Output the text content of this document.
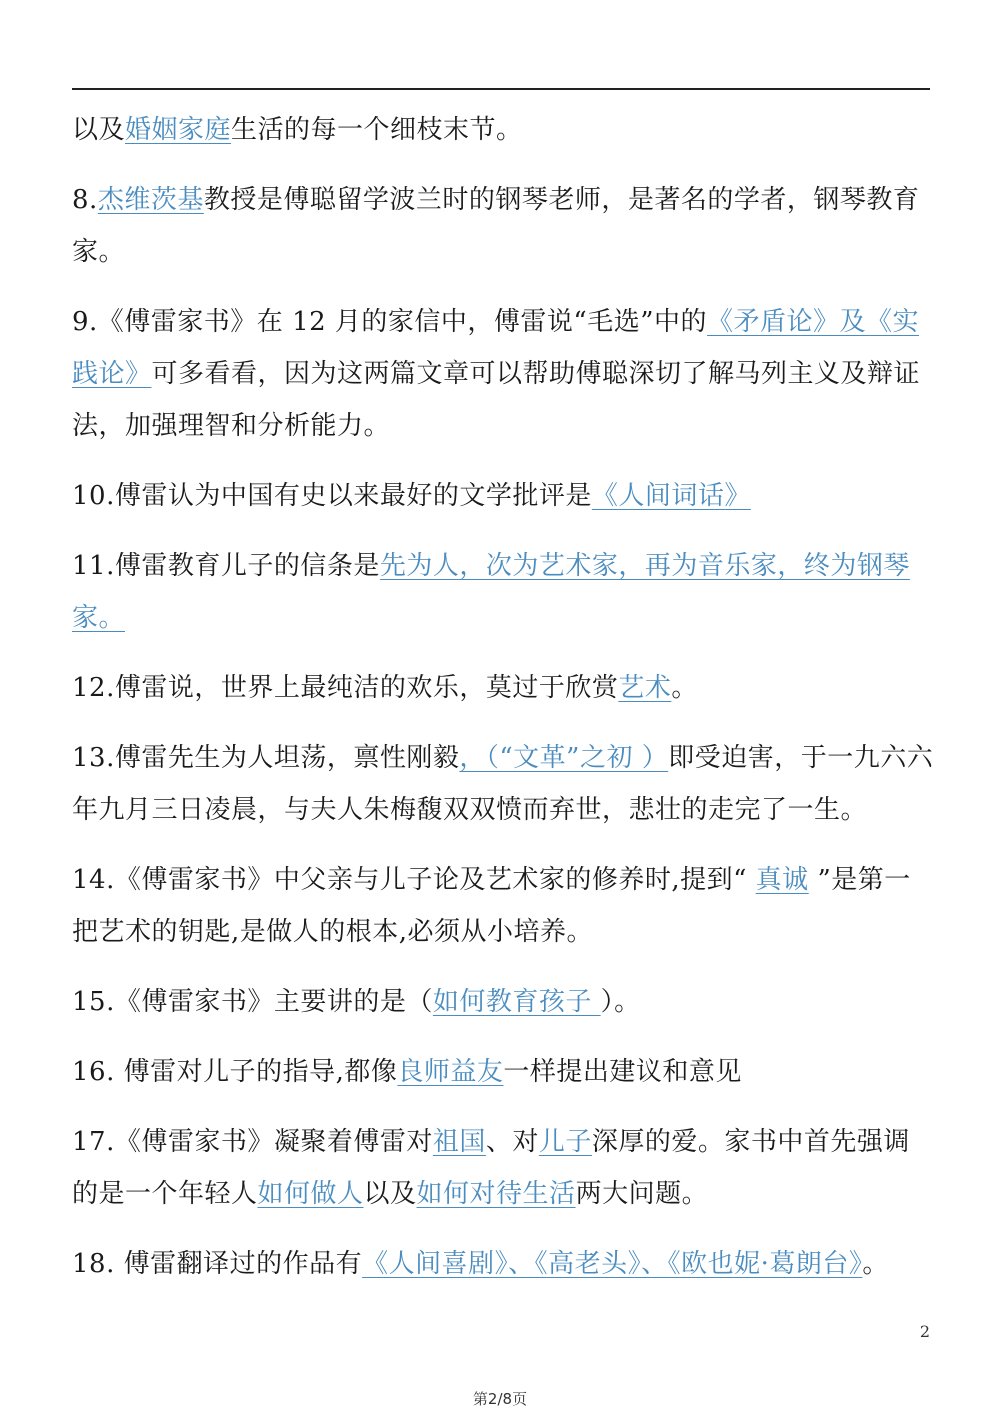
以及婚姻家庭生活的每一个细枝末节。

8.杰维茨基教授是傅聪留学波兰时的钢琴老师，是著名的学者，钢琴教育家。

9.《傅雷家书》在 12 月的家信中，傅雷说“毛选”中的《矛盾论》及《实践论》可多看看，因为这两篇文章可以帮助傅聪深切了解马列主义及辩证法，加强理智和分析能力。

10.傅雷认为中国有史以来最好的文学批评是《人间词话》

11.傅雷教育儿子的信条是先为人，次为艺术家，再为音乐家，终为钢琴家。

12.傅雷说，世界上最纯洁的欢乐，莫过于欣赏艺术。

13.傅雷先生为人坦荡，禀性刚毅，（“文革”之初 ）即受迫害，于一九六六年九月三日凌晨，与夫人朱梅馥双双愤而弃世，悲壮的走完了一生。

14.《傅雷家书》中父亲与儿子论及艺术家的修养时,提到“ 真诚 ”是第一把艺术的钥匙,是做人的根本,必须从小培养。

15.《傅雷家书》主要讲的是（如何教育孩子 ）。

16. 傅雷对儿子的指导,都像良师益友一样提出建议和意见

17.《傅雷家书》凝聚着傅雷对祖国、对儿子深厚的爱。家书中首先强调的是一个年轻人如何做人以及如何对待生活两大问题。

18. 傅雷翻译过的作品有《人间喜剧》、《高老头》、《欧也妮·葛朗台》。

2
第2/8页
